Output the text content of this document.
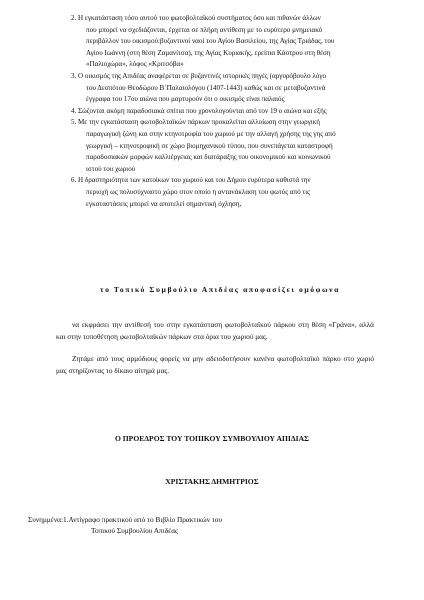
2. Η εγκατάσταση τόσο αυτού του φωτοβολταϊκού συστήματος όσο και πιθανών άλλων
που μπορεί να σχεδιάζονται, έρχεται σε πλήρη αντίθεση με το ευρύτερο μνημειακό
περιβάλλον του οικισμού:βυζαντινοί ναοί του Αγίου Βασιλείου, της Αγίας Τριάδας, του
Αγίου Ιωάννη (στη θέση Ζαμανίτσα), της Αγίας Κυριακής, ερείπια Κάστρου στη θέση
«Παλιοχώρα», λόφος «Κριτσόβα»
3. Ο οικισμός της Απιδέας αναφέρεται σε βυζαντινές ιστορικές πηγές (αργυρόβουλο λόγο
του Δεσπότου Θεοδώρου Β΄Παλαιολόγου (1407-1443) καθώς και σε μεταβυζαντινά
έγγραφα του 17ου αιώνα που μαρτυρούν ότι ο οικισμός είναι παλαιός
4. Σώζονται ακόμη παραδοσιακά σπίτια που χρονολογούνται από τον 19 ο αιώνα και εξής
5. Με την εγκατάσταση φωτοβολταϊκών πάρκων προκαλείται αλλοίωση στην γεωργική
παραγωγική ζώνη και στην κτηνοτροφία του χωριού με την αλλαγή χρήσης της γης από
γεωργική – κτηνοτροφική σε χώρο βιομηχανικού τύπου, που συνεπάγεται καταστροφή
παραδοσιακών μορφών καλλιέργειας και διατάραξης του οικονομικού και κοινωνικού
ιστού του χωριού
6. Η δραστηριότητα των κατοίκων του χωριού και του Δήμου ευρύτερα καθιστά την
περιοχή ως πολυσύχναστο χώρο στον οποίο η αντανάκλαση του φωτός από τις
εγκαταστάσεις μπορεί να αποτελεί σημαντική όχληση,

το Τοπικό Συμβούλιο Απιδέας αποφασίζει ομόφωνα

να εκφράσει την αντίθεσή του στην εγκατάσταση φωτοβολταϊκού πάρκου στη θέση «Γράνα», αλλά και στην τοποθέτηση φωτοβολταϊκών πάρκων στα όρια του χωριού μας.

Ζητάμε από τους αρμόδιους φορείς να μην αδειοδοτήσουν κανένα φωτοβολταϊκό πάρκο στο χωριό μας στηρίζοντας το δίκαιο αίτημά μας.

Ο ΠΡΟΕΔΡΟΣ ΤΟΥ ΤΟΠΙΚΟΥ ΣΥΜΒΟΥΛΙΟΥ ΑΠΙΔΙΑΣ

ΧΡΙΣΤΑΚΗΣ ΔΗΜΗΤΡΙΟΣ

Συνημμένα:1.Αντίγραφο πρακτικού από το Βιβλίο Πρακτικών του
Τοπικού Συμβουλίου Απιδέας
